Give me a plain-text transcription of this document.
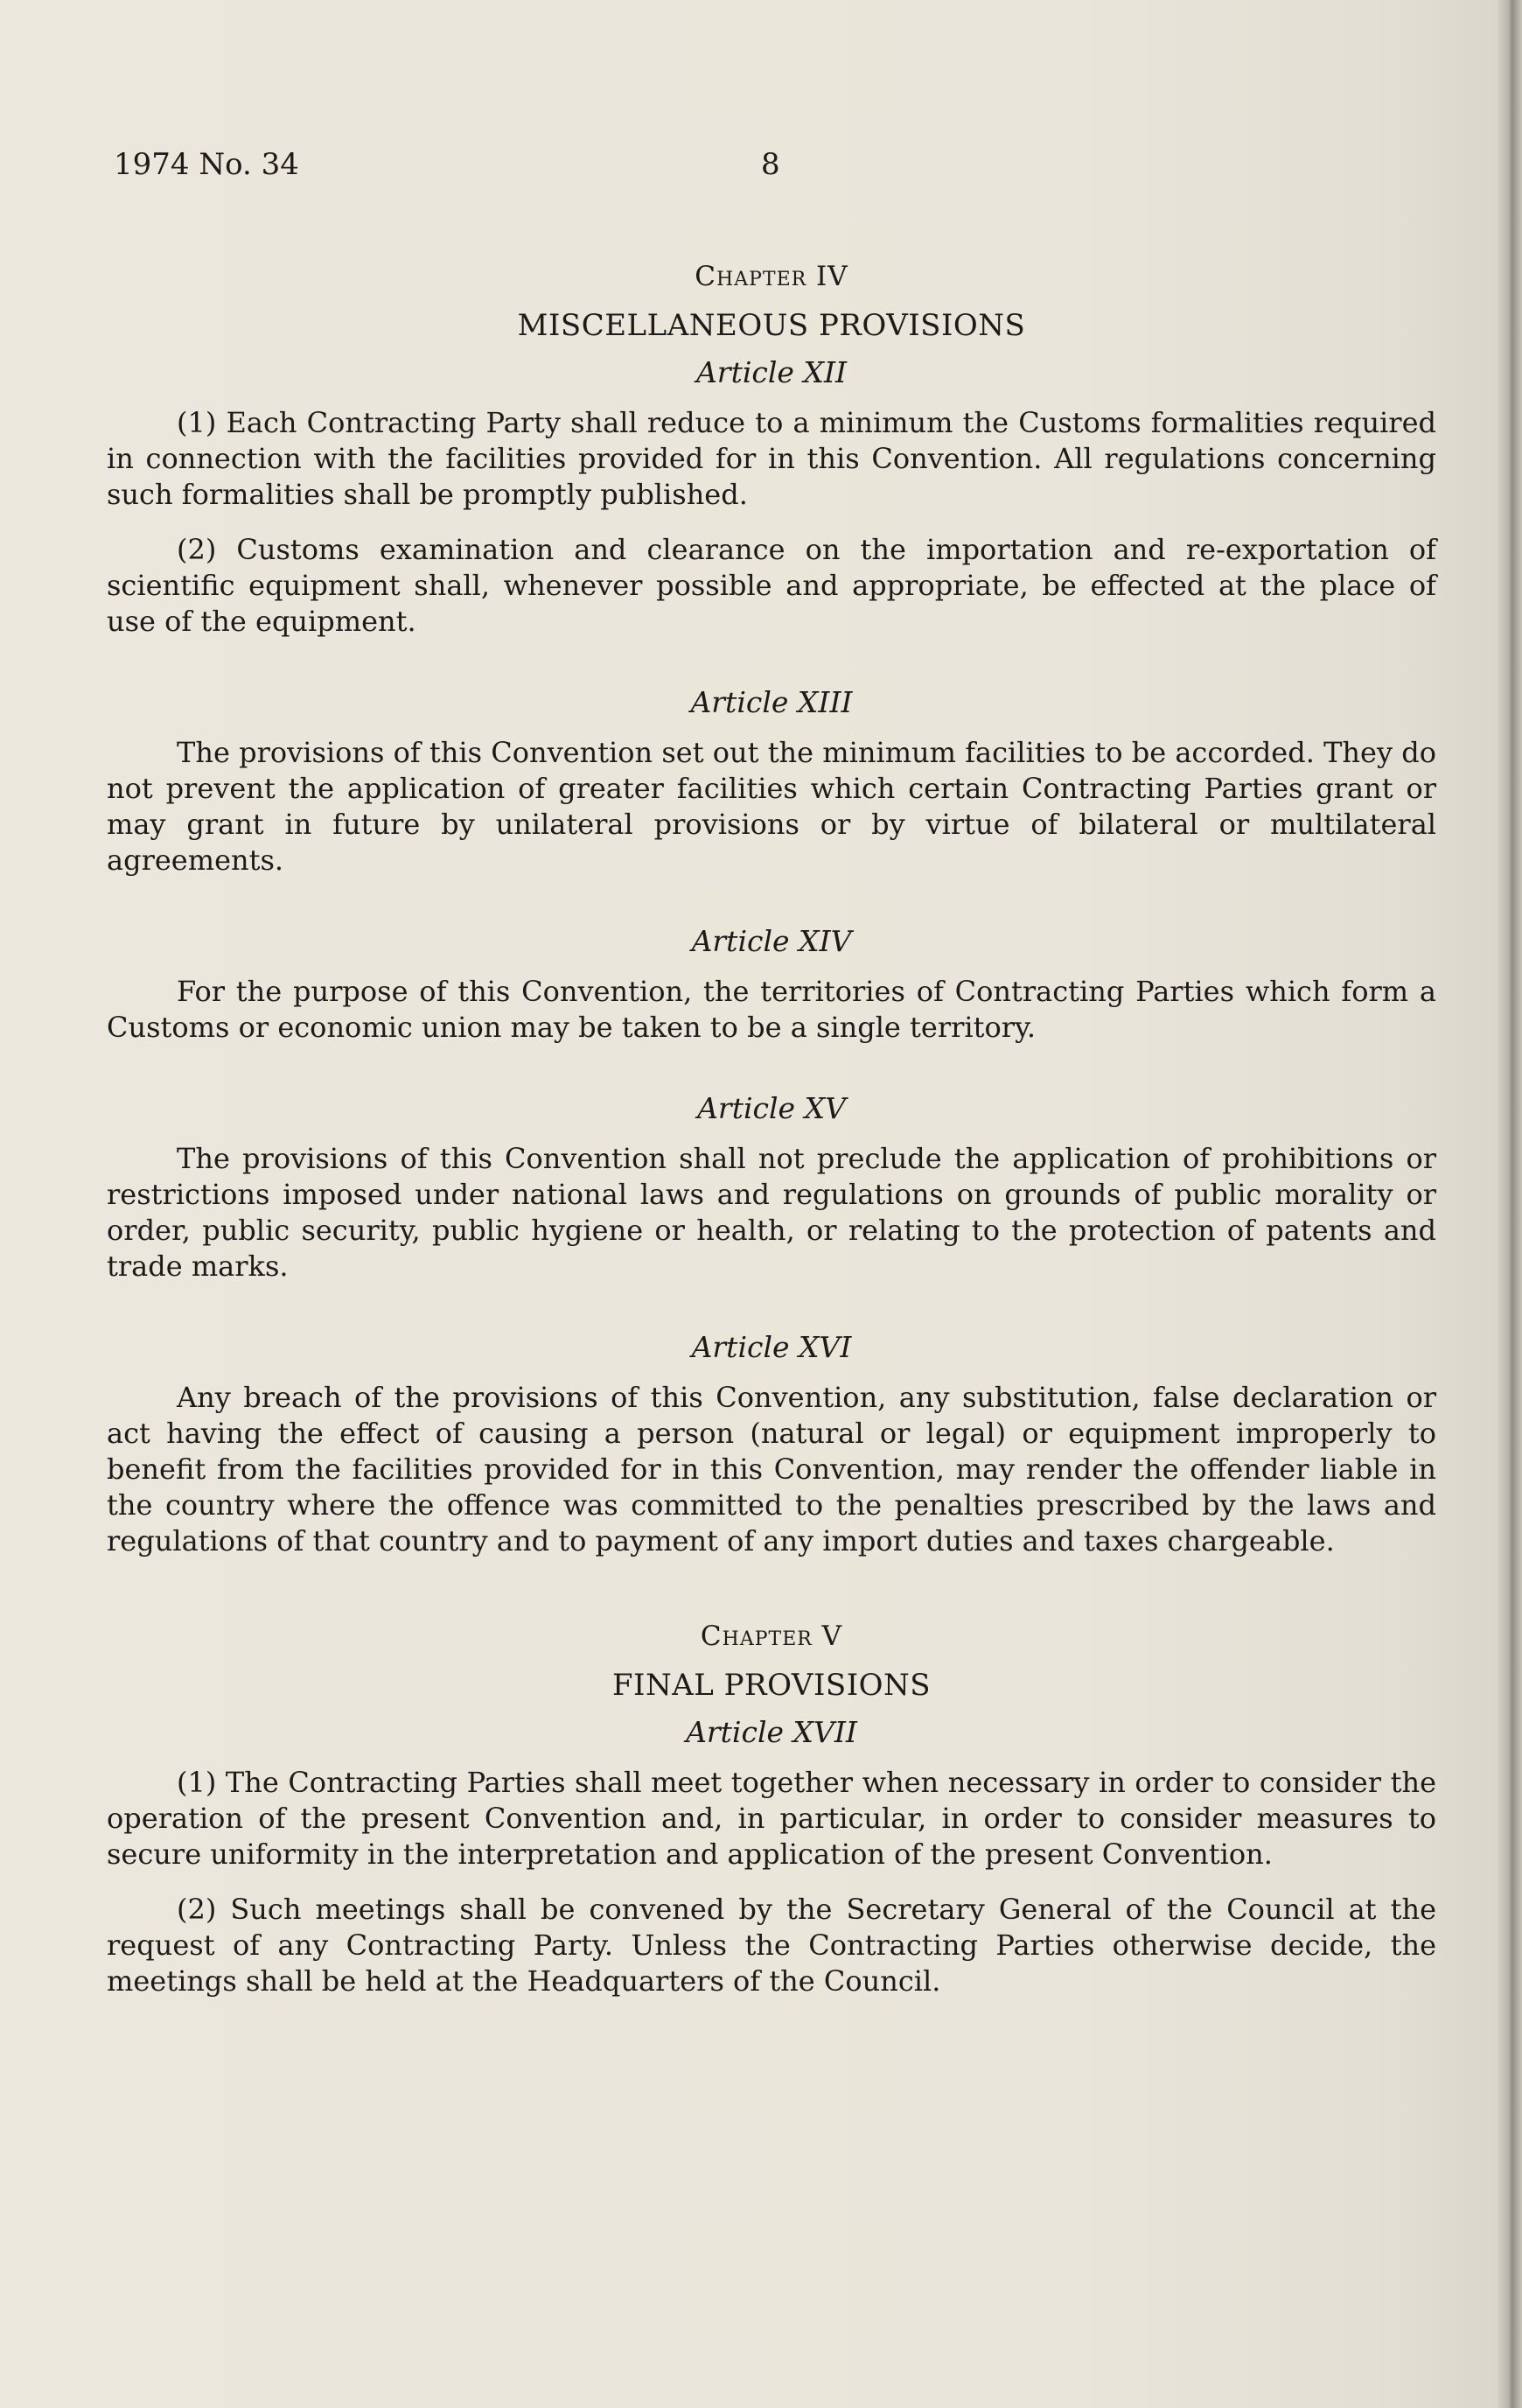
1974 No. 34	8

Chapter IV

MISCELLANEOUS PROVISIONS

Article XII

(1) Each Contracting Party shall reduce to a minimum the Customs formalities required in connection with the facilities provided for in this Convention. All regulations concerning such formalities shall be promptly published.

(2) Customs examination and clearance on the importation and re-exportation of scientific equipment shall, whenever possible and appropriate, be effected at the place of use of the equipment.

Article XIII

The provisions of this Convention set out the minimum facilities to be accorded. They do not prevent the application of greater facilities which certain Contracting Parties grant or may grant in future by unilateral provisions or by virtue of bilateral or multilateral agreements.

Article XIV

For the purpose of this Convention, the territories of Contracting Parties which form a Customs or economic union may be taken to be a single territory.

Article XV

The provisions of this Convention shall not preclude the application of prohibitions or restrictions imposed under national laws and regulations on grounds of public morality or order, public security, public hygiene or health, or relating to the protection of patents and trade marks.

Article XVI

Any breach of the provisions of this Convention, any substitution, false declaration or act having the effect of causing a person (natural or legal) or equipment improperly to benefit from the facilities provided for in this Convention, may render the offender liable in the country where the offence was committed to the penalties prescribed by the laws and regulations of that country and to payment of any import duties and taxes chargeable.

Chapter V

FINAL PROVISIONS

Article XVII

(1) The Contracting Parties shall meet together when necessary in order to consider the operation of the present Convention and, in particular, in order to consider measures to secure uniformity in the interpretation and application of the present Convention.

(2) Such meetings shall be convened by the Secretary General of the Council at the request of any Contracting Party. Unless the Contracting Parties otherwise decide, the meetings shall be held at the Headquarters of the Council.
